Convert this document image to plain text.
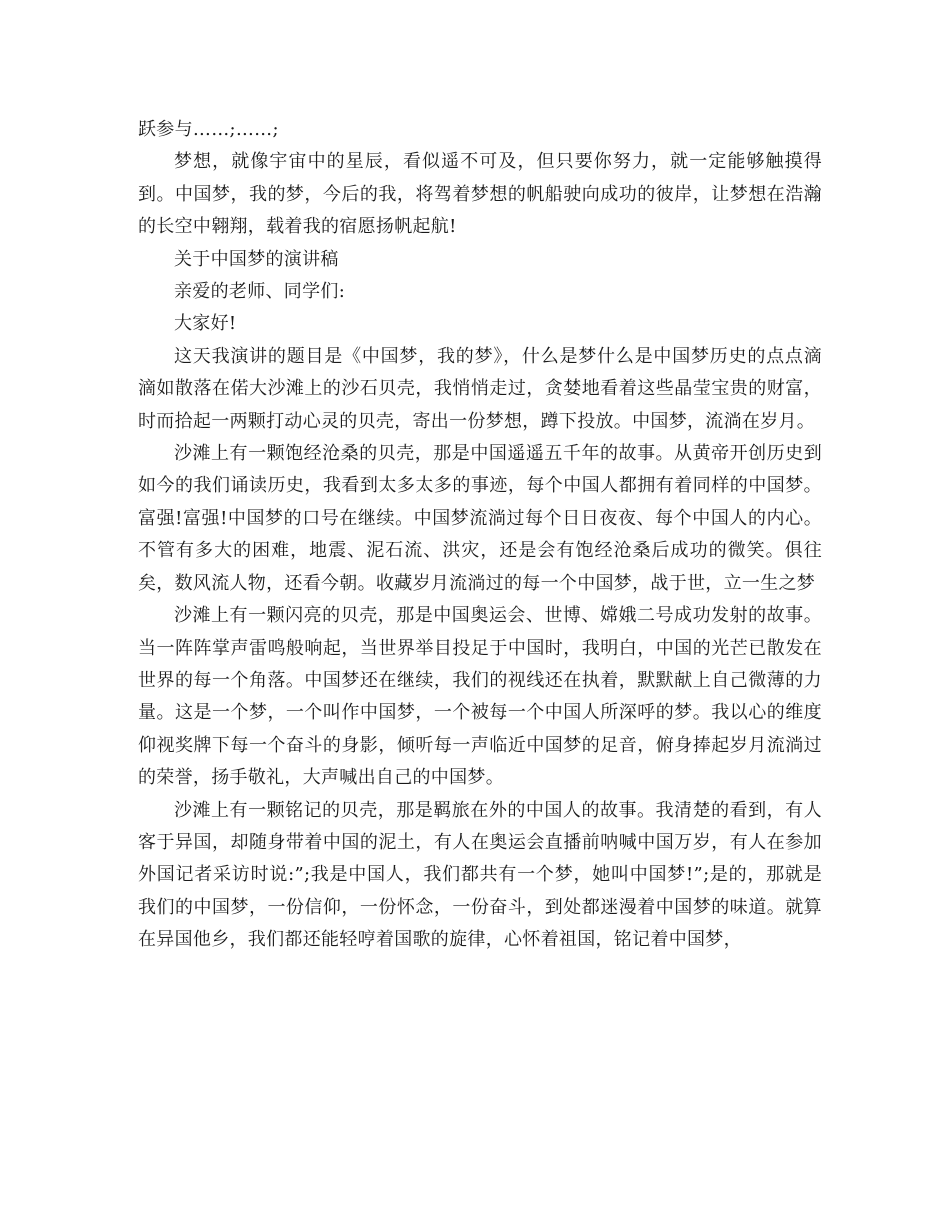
跃参与……;……;

梦想，就像宇宙中的星辰，看似遥不可及，但只要你努力，就一定能够触摸得到。中国梦，我的梦，今后的我，将驾着梦想的帆船驶向成功的彼岸，让梦想在浩瀚的长空中翱翔，载着我的宿愿扬帆起航!

关于中国梦的演讲稿

亲爱的老师、同学们:

大家好!

这天我演讲的题目是《中国梦，我的梦》，什么是梦什么是中国梦历史的点点滴滴如散落在偌大沙滩上的沙石贝壳，我悄悄走过，贪婪地看着这些晶莹宝贵的财富，时而拾起一两颗打动心灵的贝壳，寄出一份梦想，蹲下投放。中国梦，流淌在岁月。

沙滩上有一颗饱经沧桑的贝壳，那是中国遥遥五千年的故事。从黄帝开创历史到如今的我们诵读历史，我看到太多太多的事迹，每个中国人都拥有着同样的中国梦。富强!富强!中国梦的口号在继续。中国梦流淌过每个日日夜夜、每个中国人的内心。不管有多大的困难，地震、泥石流、洪灾，还是会有饱经沧桑后成功的微笑。俱往矣，数风流人物，还看今朝。收藏岁月流淌过的每一个中国梦，战于世，立一生之梦

沙滩上有一颗闪亮的贝壳，那是中国奥运会、世博、嫦娥二号成功发射的故事。当一阵阵掌声雷鸣般响起，当世界举目投足于中国时，我明白，中国的光芒已散发在世界的每一个角落。中国梦还在继续，我们的视线还在执着，默默献上自己微薄的力量。这是一个梦，一个叫作中国梦，一个被每一个中国人所深呼的梦。我以心的维度仰视奖牌下每一个奋斗的身影，倾听每一声临近中国梦的足音，俯身捧起岁月流淌过的荣誉，扬手敬礼，大声喊出自己的中国梦。

沙滩上有一颗铭记的贝壳，那是羁旅在外的中国人的故事。我清楚的看到，有人客于异国，却随身带着中国的泥土，有人在奥运会直播前呐喊中国万岁，有人在参加外国记者采访时说:”;我是中国人，我们都共有一个梦，她叫中国梦!”;是的，那就是我们的中国梦，一份信仰，一份怀念，一份奋斗，到处都迷漫着中国梦的味道。就算在异国他乡，我们都还能轻哼着国歌的旋律，心怀着祖国，铭记着中国梦，
